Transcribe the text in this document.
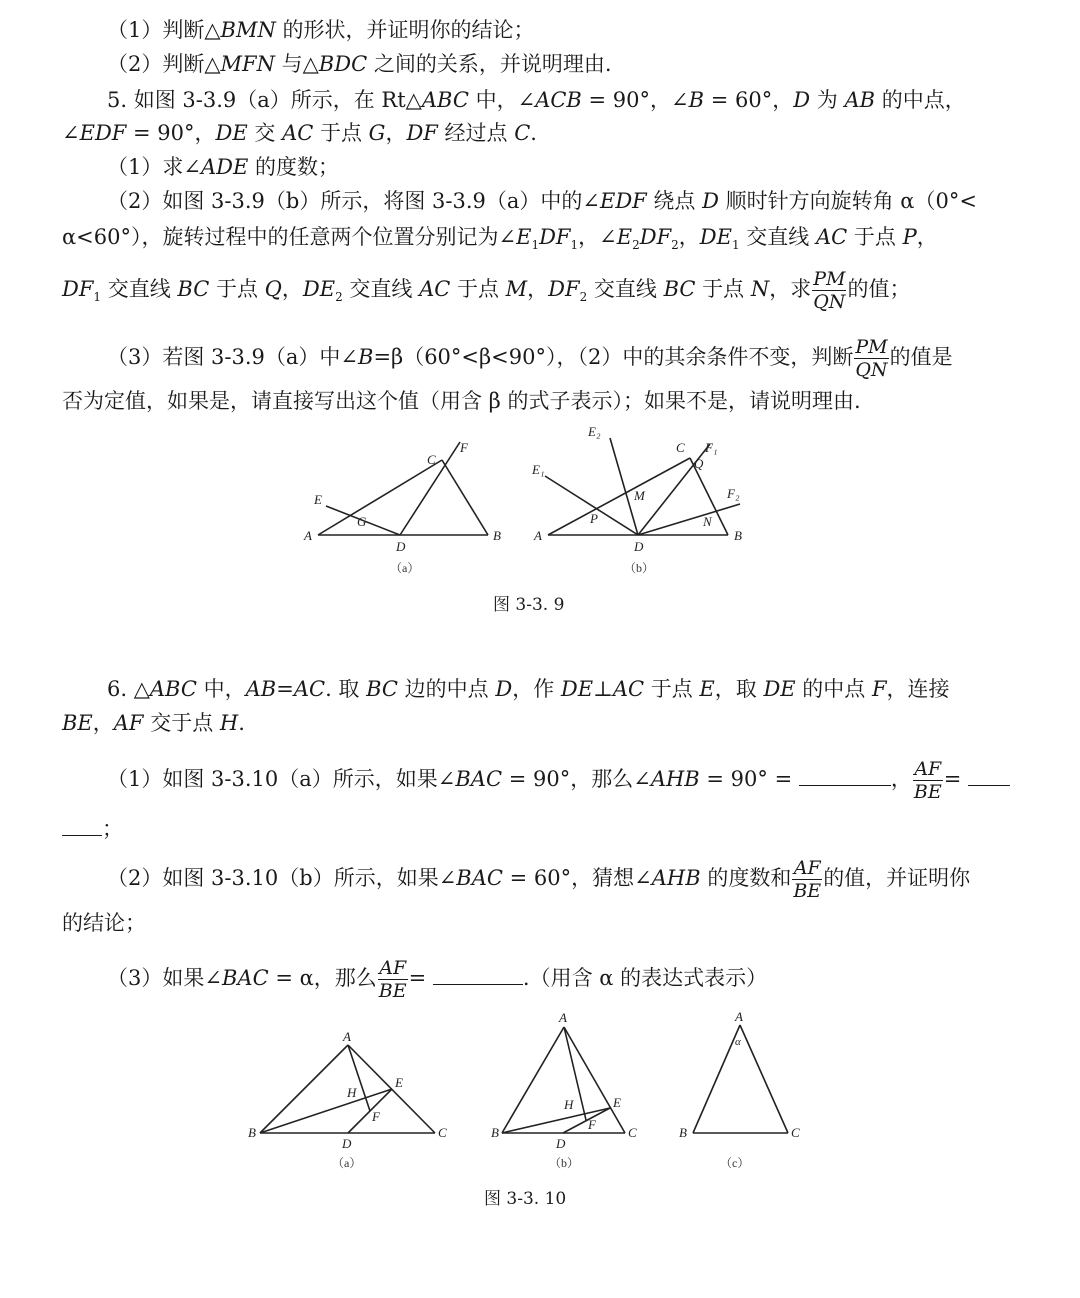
（1）判断△BMN 的形状，并证明你的结论；
（2）判断△MFN 与△BDC 之间的关系，并说明理由.
5. 如图 3-3.9（a）所示，在 Rt△ABC 中，∠ACB = 90°，∠B = 60°，D 为 AB 的中点，
∠EDF = 90°，DE 交 AC 于点 G，DF 经过点 C.
（1）求∠ADE 的度数；
（2）如图 3-3.9（b）所示，将图 3-3.9（a）中的∠EDF 绕点 D 顺时针方向旋转角 α（0°<
α<60°），旋转过程中的任意两个位置分别记为$\angle E_1DF_1$，$\angle E_2DF_2$，$DE_1$ 交直线 AC 于点 P，
$DF_1$ 交直线 BC 于点 Q，$DE_2$ 交直线 AC 于点 M，$DF_2$ 交直线 BC 于点 N，求 $\frac{PM}{QN}$ 的值；
（3）若图 3-3.9（a）中∠B=β（60°<β<90°），（2）中的其余条件不变，判断 $\frac{PM}{QN}$ 的值是
否为定值，如果是，请直接写出这个值（用含 β 的式子表示）；如果不是，请说明理由.
A	B
C
D
E
F
G
A	B
C
D
E₁
E₂
F₁
F₂
P
M
Q
N
（a）	（b）
图 3-3. 9
6. △ABC 中，AB=AC. 取 BC 边的中点 D，作 DE⊥AC 于点 E，取 DE 的中点 F，连接
BE，AF 交于点 H.
（1）如图 3-3.10（a）所示，如果∠BAC = 90°，那么∠AHB = 90° =	， $\frac{AF}{BE}$ =
；
（2）如图 3-3.10（b）所示，如果∠BAC = 60°，猜想∠AHB 的度数和 $\frac{AF}{BE}$ 的值，并证明你
的结论；
（3）如果∠BAC = α，那么 $\frac{AF}{BE}$ =	.（用含 α 的表达式表示）
B	C
A
D
E
F
H
B	C
A
D
E
F
H
B	C
A
α
（a）	（b）	（c）
图 3-3. 10
